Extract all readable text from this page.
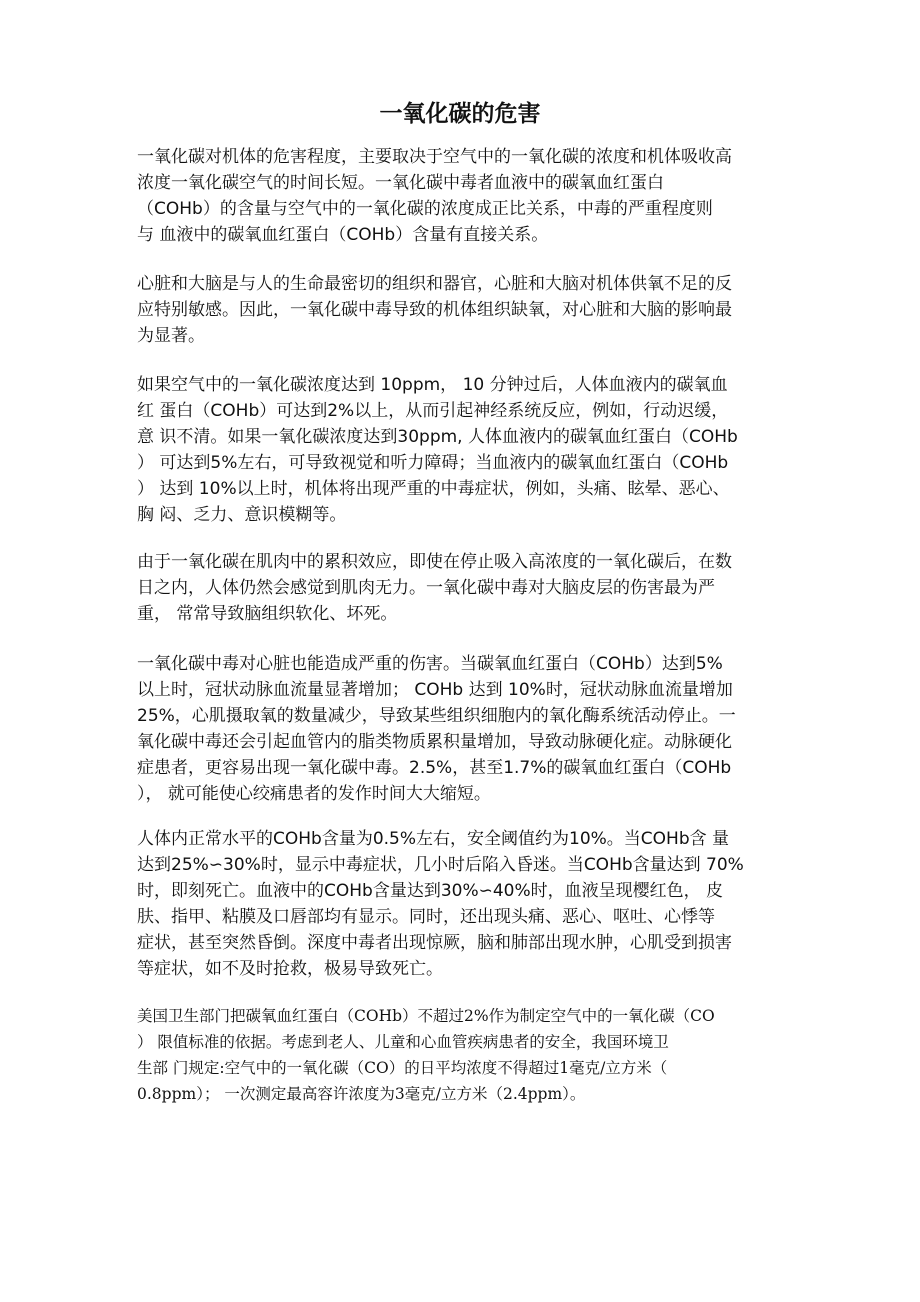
一氧化碳的危害
一氧化碳对机体的危害程度，主要取决于空气中的一氧化碳的浓度和机体吸收高
浓度一氧化碳空气的时间长短。一氧化碳中毒者血液中的碳氧血红蛋白
（COHb）的含量与空气中的一氧化碳的浓度成正比关系，中毒的严重程度则
与 血液中的碳氧血红蛋白（COHb）含量有直接关系。
心脏和大脑是与人的生命最密切的组织和器官，心脏和大脑对机体供氧不足的反
应特别敏感。因此，一氧化碳中毒导致的机体组织缺氧，对心脏和大脑的影响最
为显著。
如果空气中的一氧化碳浓度达到 10ppm， 10 分钟过后，人体血液内的碳氧血
红 蛋白（COHb）可达到2%以上，从而引起神经系统反应，例如，行动迟缓，
意 识不清。如果一氧化碳浓度达到30ppm, 人体血液内的碳氧血红蛋白（COHb
） 可达到5%左右，可导致视觉和听力障碍；当血液内的碳氧血红蛋白（COHb
） 达到 10%以上时，机体将出现严重的中毒症状，例如，头痛、眩晕、恶心、
胸 闷、乏力、意识模糊等。
由于一氧化碳在肌肉中的累积效应，即使在停止吸入高浓度的一氧化碳后，在数
日之内，人体仍然会感觉到肌肉无力。一氧化碳中毒对大脑皮层的伤害最为严
重， 常常导致脑组织软化、坏死。
一氧化碳中毒对心脏也能造成严重的伤害。当碳氧血红蛋白（COHb）达到5%
以上时，冠状动脉血流量显著增加； COHb 达到 10%时，冠状动脉血流量增加
25%，心肌摄取氧的数量减少，导致某些组织细胞内的氧化酶系统活动停止。一
氧化碳中毒还会引起血管内的脂类物质累积量增加，导致动脉硬化症。动脉硬化
症患者，更容易出现一氧化碳中毒。2.5%，甚至1.7%的碳氧血红蛋白（COHb
）， 就可能使心绞痛患者的发作时间大大缩短。
人体内正常水平的COHb含量为0.5%左右，安全阈值约为10%。当COHb含 量
达到25%∽30%时，显示中毒症状，几小时后陷入昏迷。当COHb含量达到 70%
时，即刻死亡。血液中的COHb含量达到30%∽40%时，血液呈现樱红色， 皮
肤、指甲、粘膜及口唇部均有显示。同时，还出现头痛、恶心、呕吐、心悸等
症状，甚至突然昏倒。深度中毒者出现惊厥，脑和肺部出现水肿，心肌受到损害
等症状，如不及时抢救，极易导致死亡。
美国卫生部门把碳氧血红蛋白（COHb）不超过2%作为制定空气中的一氧化碳（CO
） 限值标准的依据。考虑到老人、儿童和心血管疾病患者的安全，我国环境卫
生部 门规定:空气中的一氧化碳（CO）的日平均浓度不得超过1毫克/立方米（
0.8ppm）； 一次测定最高容许浓度为3毫克/立方米（2.4ppm）。
